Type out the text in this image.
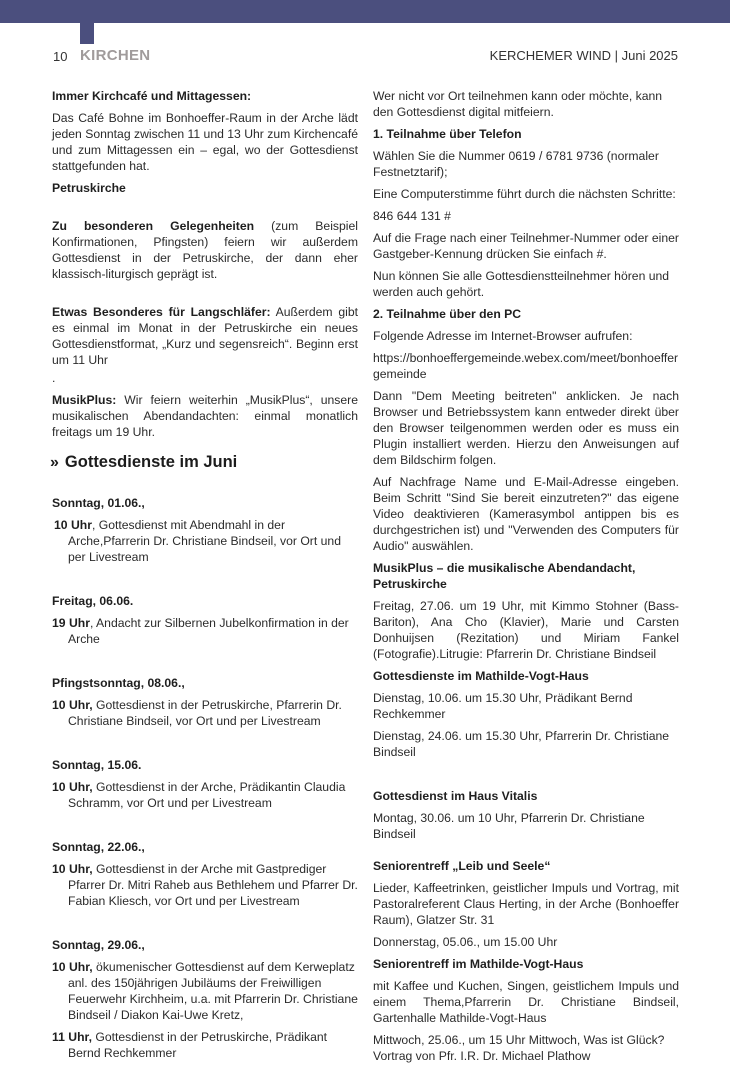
10 KIRCHEN	KERCHEMER WIND | Juni 2025
Immer Kirchcafé und Mittagessen:

Das Café Bohne im Bonhoeffer-Raum in der Arche lädt jeden Sonntag zwischen 11 und 13 Uhr zum Kirchencafé und zum Mittagessen ein – egal, wo der Gottesdienst stattgefunden hat.

Petruskirche

Zu besonderen Gelegenheiten (zum Beispiel Konfirmationen, Pfingsten) feiern wir außerdem Gottesdienst in der Petruskirche, der dann eher klassisch-liturgisch geprägt ist.

Etwas Besonderes für Langschläfer: Außerdem gibt es einmal im Monat in der Petruskirche ein neues Gottesdienstformat, „Kurz und segensreich“. Beginn erst um 11 Uhr

.

MusikPlus: Wir feiern weiterhin „MusikPlus“, unsere musikalischen Abendandachten: einmal monatlich freitags um 19 Uhr.

» Gottesdienste im Juni
Sonntag, 01.06.,

10 Uhr, Gottesdienst mit Abendmahl in der Arche,Pfarrerin Dr. Christiane Bindseil, vor Ort und per Livestream

Freitag, 06.06.

19 Uhr, Andacht zur Silbernen Jubelkonfirmation in der Arche

Pfingstsonntag, 08.06.,

10 Uhr, Gottesdienst in der Petruskirche, Pfarrerin Dr. Christiane Bindseil, vor Ort und per Livestream

Sonntag, 15.06.

10 Uhr, Gottesdienst in der Arche, Prädikantin Claudia Schramm, vor Ort und per Livestream

Sonntag, 22.06.,

10 Uhr, Gottesdienst in der Arche mit Gastprediger Pfarrer Dr. Mitri Raheb aus Bethlehem und Pfarrer Dr. Fabian Kliesch, vor Ort und per Livestream

Sonntag, 29.06.,

10 Uhr, ökumenischer Gottesdienst auf dem Kerweplatz anl. des 150jährigen Jubiläums der Freiwilligen Feuerwehr Kirchheim, u.a. mit Pfarrerin Dr. Christiane Bindseil / Diakon Kai-Uwe Kretz,

11 Uhr, Gottesdienst in der Petruskirche, Prädikant Bernd Rechkemmer

Wer nicht vor Ort teilnehmen kann oder möchte, kann den Gottesdienst digital mitfeiern.

1. Teilnahme über Telefon

Wählen Sie die Nummer 0619 / 6781 9736 (normaler Festnetztarif);

Eine Computerstimme führt durch die nächsten Schritte:

846 644 131 #

Auf die Frage nach einer Teilnehmer-Nummer oder einer Gastgeber-Kennung drücken Sie einfach #.

Nun können Sie alle Gottesdienstteilnehmer hören und werden auch gehört.

2. Teilnahme über den PC

Folgende Adresse im Internet-Browser aufrufen:

https://bonhoeffergemeinde.webex.com/meet/bonhoeffergemeinde

Dann "Dem Meeting beitreten" anklicken. Je nach Browser und Betriebssystem kann entweder direkt über den Browser teilgenommen werden oder es muss ein Plugin installiert werden. Hierzu den Anweisungen auf dem Bildschirm folgen.

Auf Nachfrage Name und E-Mail-Adresse eingeben. Beim Schritt "Sind Sie bereit einzutreten?" das eigene Video deaktivieren (Kamerasymbol antippen bis es durchgestrichen ist) und "Verwenden des Computers für Audio" auswählen.

MusikPlus – die musikalische Abendandacht, Petruskirche

Freitag, 27.06. um 19 Uhr, mit Kimmo Stohner (Bass-Bariton), Ana Cho (Klavier), Marie und Carsten Donhuijsen (Rezitation) und Miriam Fankel (Fotografie).Litrugie: Pfarrerin Dr. Christiane Bindseil

Gottesdienste im Mathilde-Vogt-Haus

Dienstag, 10.06. um 15.30 Uhr, Prädikant Bernd Rechkemmer

Dienstag, 24.06. um 15.30 Uhr, Pfarrerin Dr. Christiane Bindseil

Gottesdienst im Haus Vitalis

Montag, 30.06. um 10 Uhr, Pfarrerin Dr. Christiane Bindseil

Seniorentreff „Leib und Seele“

Lieder, Kaffeetrinken, geistlicher Impuls und Vortrag, mit Pastoralreferent Claus Herting, in der Arche (Bonhoeffer Raum), Glatzer Str. 31

Donnerstag, 05.06., um 15.00 Uhr

Seniorentreff im Mathilde-Vogt-Haus

mit Kaffee und Kuchen, Singen, geistlichem Impuls und einem Thema,Pfarrerin Dr. Christiane Bindseil, Gartenhalle Mathilde-Vogt-Haus

Mittwoch, 25.06., um 15 Uhr Mittwoch, Was ist Glück? Vortrag von Pfr. I.R. Dr. Michael Plathow
